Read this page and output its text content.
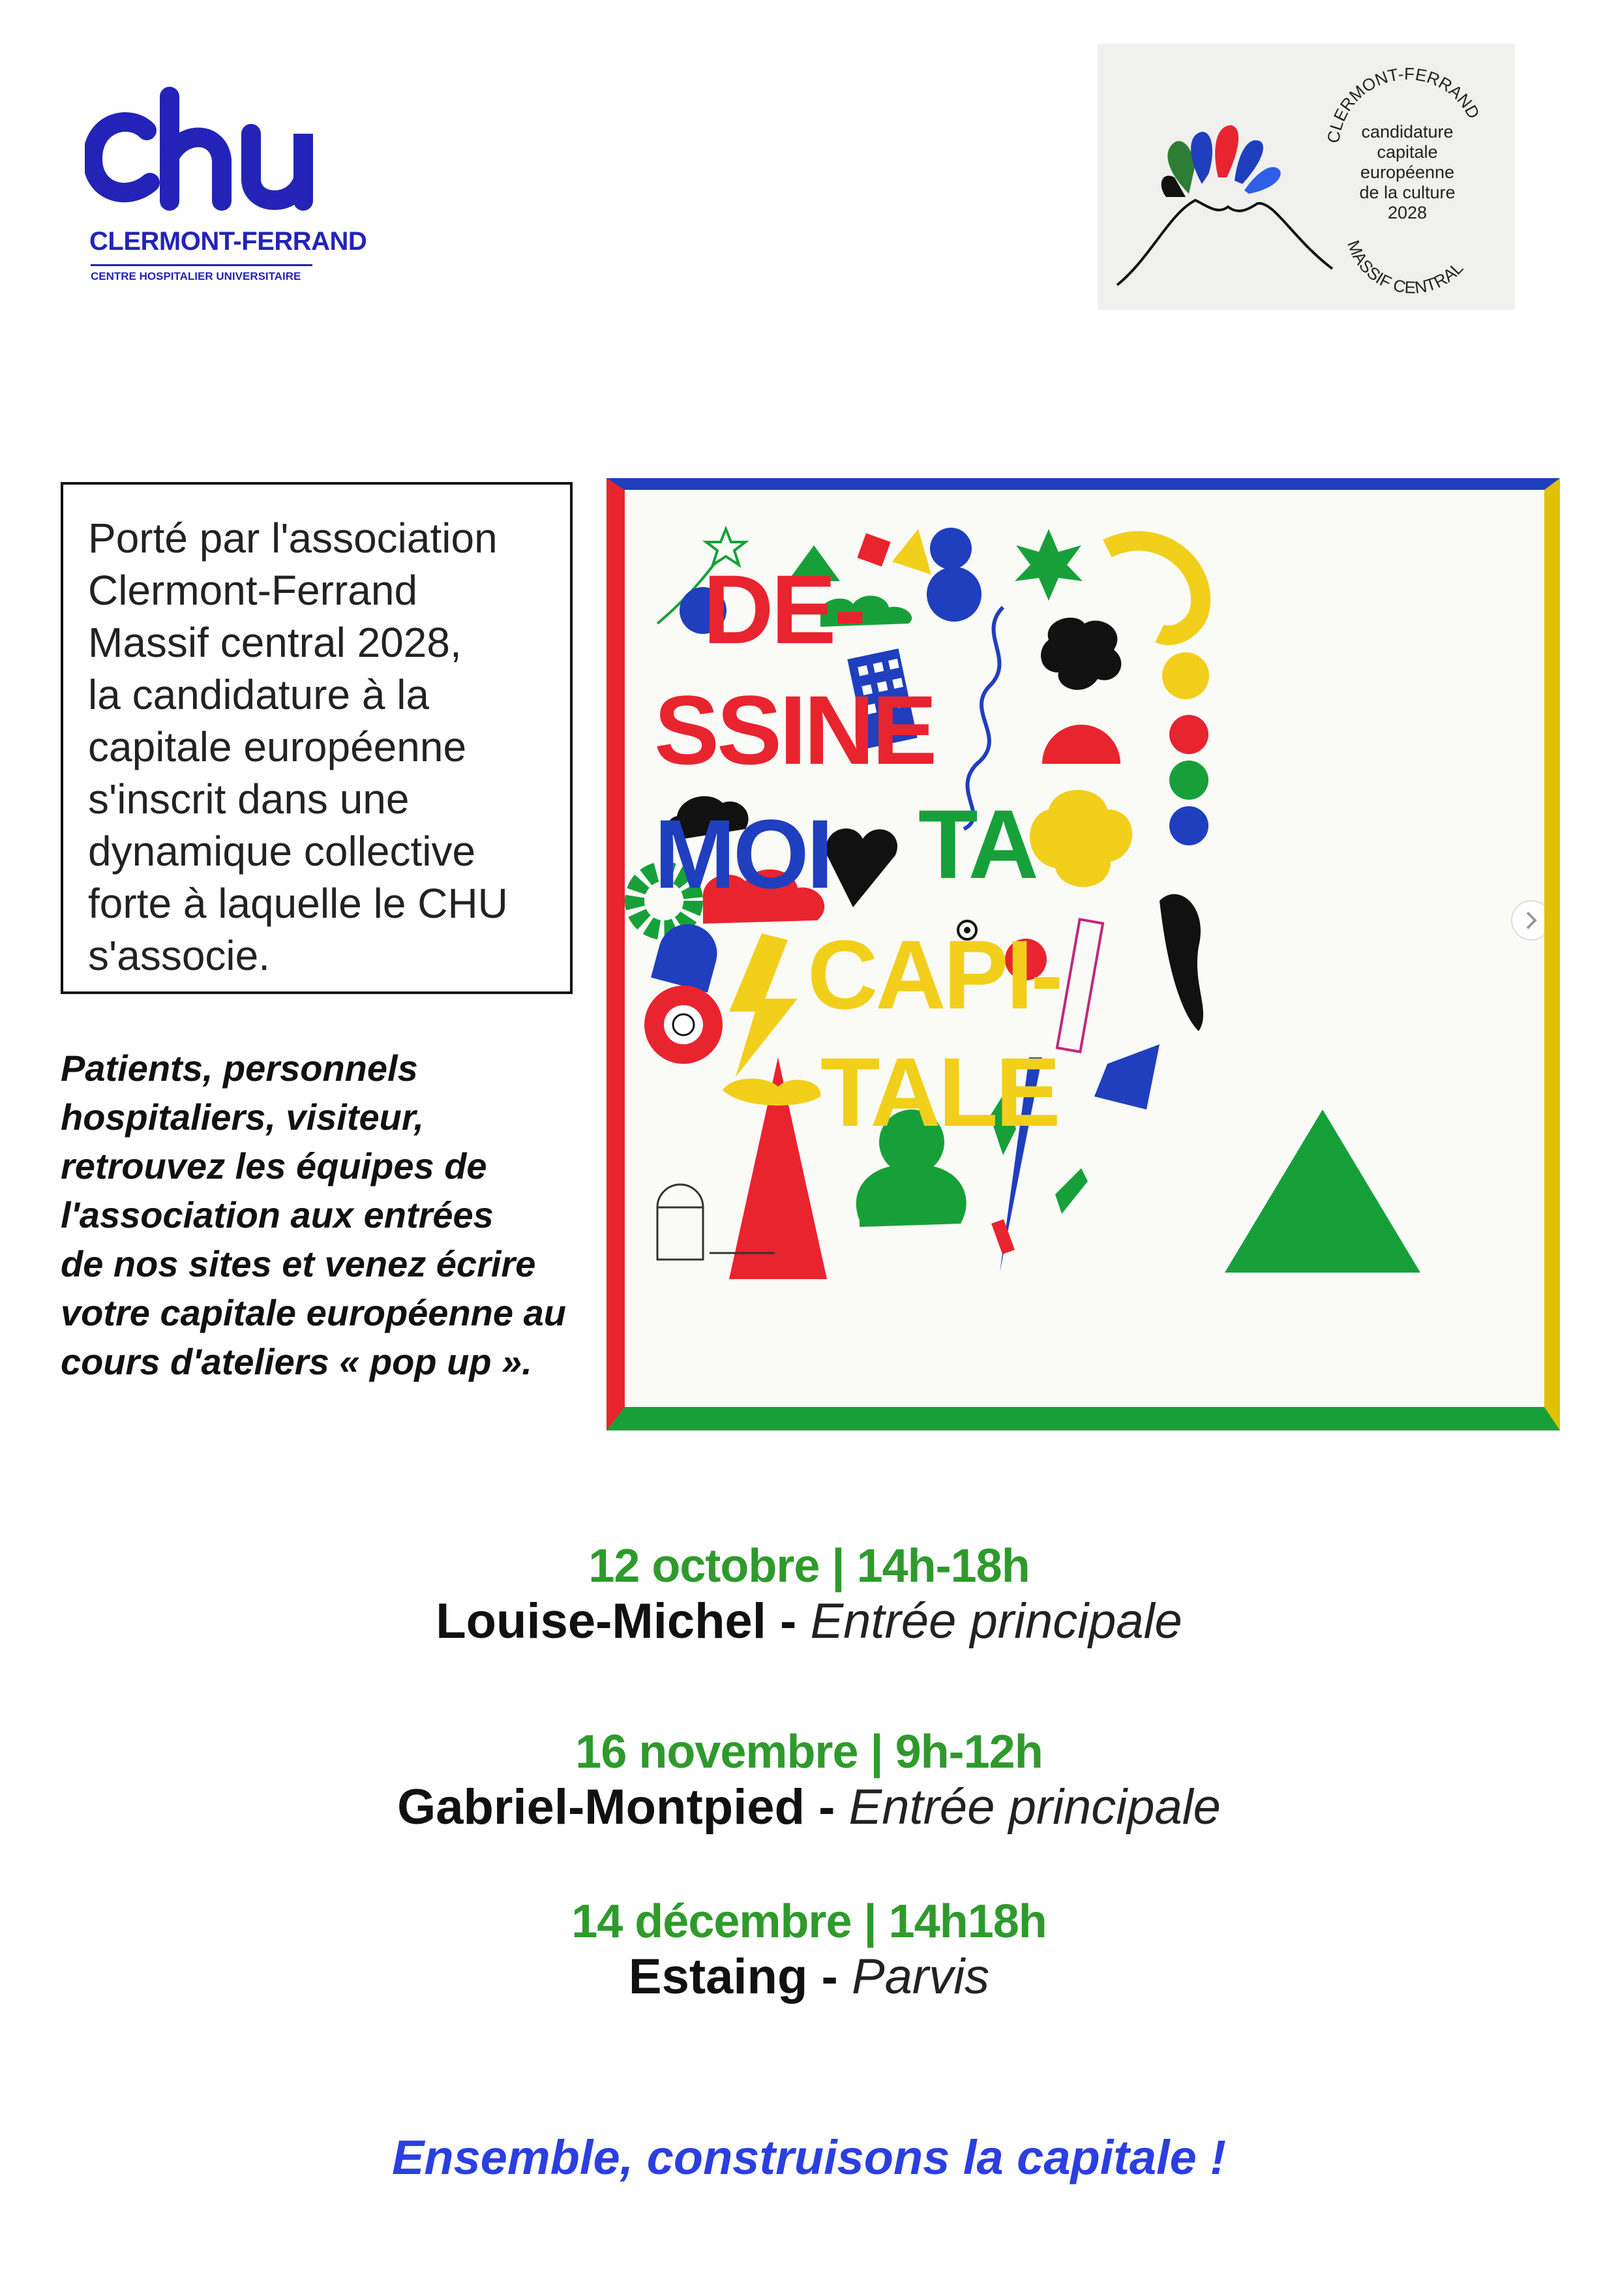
CLERMONT-FERRAND
CENTRE HOSPITALIER UNIVERSITAIRE
CLERMONT-FERRAND
MASSIF CENTRAL
candidature
capitale
européenne
de la culture
2028
Porté par l'association
Clermont-Ferrand
Massif central 2028,
la candidature à la
capitale européenne
s'inscrit dans une
dynamique collective
forte à laquelle le CHU
s'associe.
Patients, personnels
hospitaliers, visiteur,
retrouvez les équipes de
l'association aux entrées
de nos sites et venez écrire
votre capitale européenne au
cours d'ateliers « pop up ».
DE-
SSINE
MOI TA
CAPI-
TALE
12 octobre | 14h-18h
Louise-Michel - Entrée principale
16 novembre | 9h-12h
Gabriel-Montpied - Entrée principale
14 décembre | 14h18h
Estaing - Parvis
Ensemble, construisons la capitale !
